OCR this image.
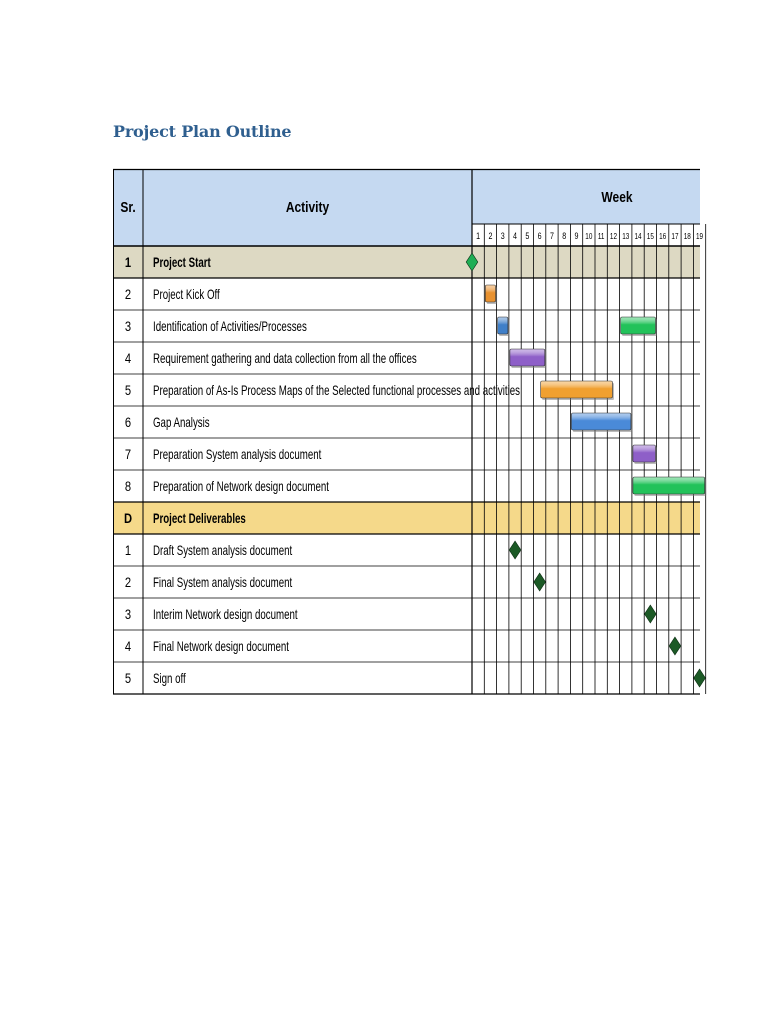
Project Plan Outline
Sr.	Activity
Week
1 2 3 4 5 6 7 8 9 10 11 12 13 14 15 16 17 18 19
1 Project Start
2 Project Kick Off
3 Identification of Activities/Processes
4 Requirement gathering and data collection from all the offices
5 Preparation of As-Is Process Maps of the Selected functional processes and activities
6 Gap Analysis
7 Preparation System analysis document
8 Preparation of Network design document
D Project Deliverables
1 Draft System analysis document
2 Final System analysis document
3 Interim Network design document
4 Final Network design document
5 Sign off
